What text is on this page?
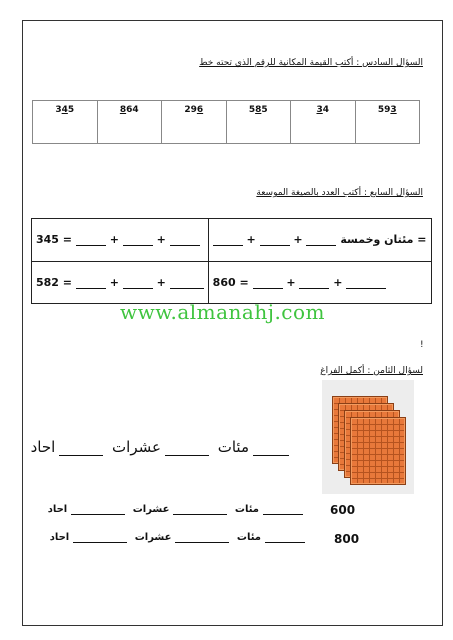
السؤال السادس : أكتب القيمة المكانية للرقم الذي تحته خط
345	864	296	585	34	593
السؤال السابع : أكتب العدد بالصيغة الموسعة
345 = + +	= مئتان وخمسة  +  +
582 = + +	860 = + +
www.almanahj.com
!
لسؤال الثامن : أكمل الفراغ
مئات عشرات احاد
مئات عشرات احاد	600
مئات عشرات احاد	800
